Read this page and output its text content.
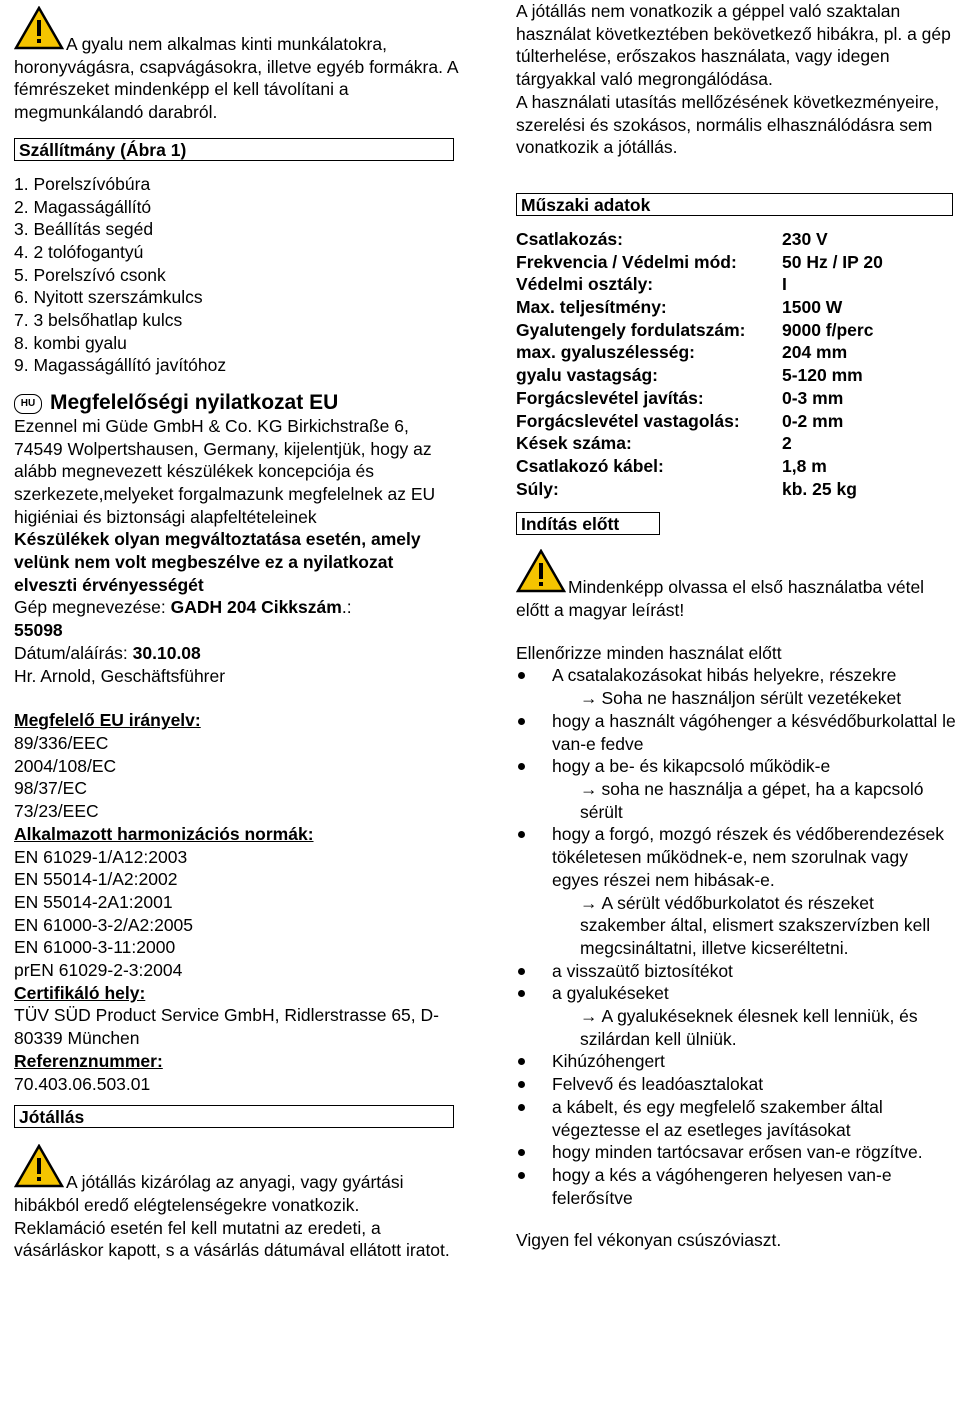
A gyalu nem alkalmas kinti munkálatokra, horonyvágásra, csapvágásokra, illetve egyéb formákra. A fémrészeket mindenképp el kell távolítani a megmunkálandó darabról.

Szállítmány (Ábra 1)
1. Porelszívóbúra
2. Magasságállító
3. Beállítás segéd
4. 2 tolófogantyú
5. Porelszívó csonk
6. Nyitott szerszámkulcs
7. 3 belsőhatlap kulcs
8. kombi gyalu
9. Magasságállító javítóhoz
HU Megfelelőségi nyilatkozat EU

Ezennel mi Güde GmbH & Co. KG Birkichstraße 6, 74549 Wolpertshausen, Germany, kijelentjük, hogy az alább megnevezett készülékek koncepciója és szerkezete,melyeket forgalmazunk megfelelnek az EU higiéniai és biztonsági alapfeltételeinek

Készülékek olyan megváltoztatása esetén, amely velünk nem volt megbeszélve ez a nyilatkozat elveszti érvényességét

Gép megnevezése: GADH 204 Cikkszám.:
55098

Dátum/aláírás: 30.10.08

Hr. Arnold, Geschäftsführer

Megfelelő EU irányelv:

89/336/EEC

2004/108/EC

98/37/EC

73/23/EEC

Alkalmazott harmonizációs normák:

EN 61029-1/A12:2003

EN 55014-1/A2:2002

EN 55014-2A1:2001

EN 61000-3-2/A2:2005

EN 61000-3-11:2000

prEN 61029-2-3:2004

Certifikáló hely:

TÜV SÜD Product Service GmbH, Ridlerstrasse 65, D-80339 München

Referenznummer:

70.403.06.503.01

Jótállás

A jótállás kizárólag az anyagi, vagy gyártási hibákból eredő elégtelenségekre vonatkozik.

Reklamáció esetén fel kell mutatni az eredeti, a vásárláskor kapott, s a vásárlás dátumával ellátott iratot.

A jótállás nem vonatkozik a géppel való szaktalan használat következtében bekövetkező hibákra, pl. a gép túlterhelése, erőszakos használata, vagy idegen tárgyakkal való megrongálódása.

A használati utasítás mellőzésének következményeire, szerelési és szokásos, normális elhasználódásra sem vonatkozik a jótállás.

Műszaki adatok
Csatlakozás:	230 V
Frekvencia / Védelmi mód:	50 Hz / IP 20
Védelmi osztály:	I
Max. teljesítmény:	1500 W
Gyalutengely fordulatszám:	9000 f/perc
max. gyaluszélesség:	204 mm
gyalu vastagság:	5-120 mm
Forgácslevétel javítás:	0-3 mm
Forgácslevétel vastagolás:	0-2 mm
Kések száma:	2
Csatlakozó kábel:	1,8 m
Súly:	kb. 25 kg
Indítás előtt

Mindenképp olvassa el első használatba vétel előtt a magyar leírást!

Ellenőrizze minden használat előtt

A csatalakozásokat hibás helyekre, részekre
→ Soha ne használjon sérült vezetékeket
hogy a használt vágóhenger a késvédőburkolattal le van-e fedve
hogy a be- és kikapcsoló működik-e
→ soha ne használja a gépet, ha a kapcsoló sérült
hogy a forgó, mozgó részek és védőberendezések tökéletesen működnek-e, nem szorulnak vagy egyes részei nem hibásak-e.
→ A sérült védőburkolatot és részeket szakember által, elismert szakszervízben kell megcsináltatni, illetve kicseréltetni.
a visszaütő biztosítékot
a gyalukéseket
→ A gyalukéseknek élesnek kell lenniük, és szilárdan kell ülniük.
Kihúzóhengert
Felvevő és leadóasztalokat
a kábelt, és egy megfelelő szakember által végeztesse el az esetleges javításokat
hogy minden tartócsavar erősen van-e rögzítve.
hogy a kés a vágóhengeren helyesen van-e felerősítve

Vigyen fel vékonyan csúszóviaszt.
